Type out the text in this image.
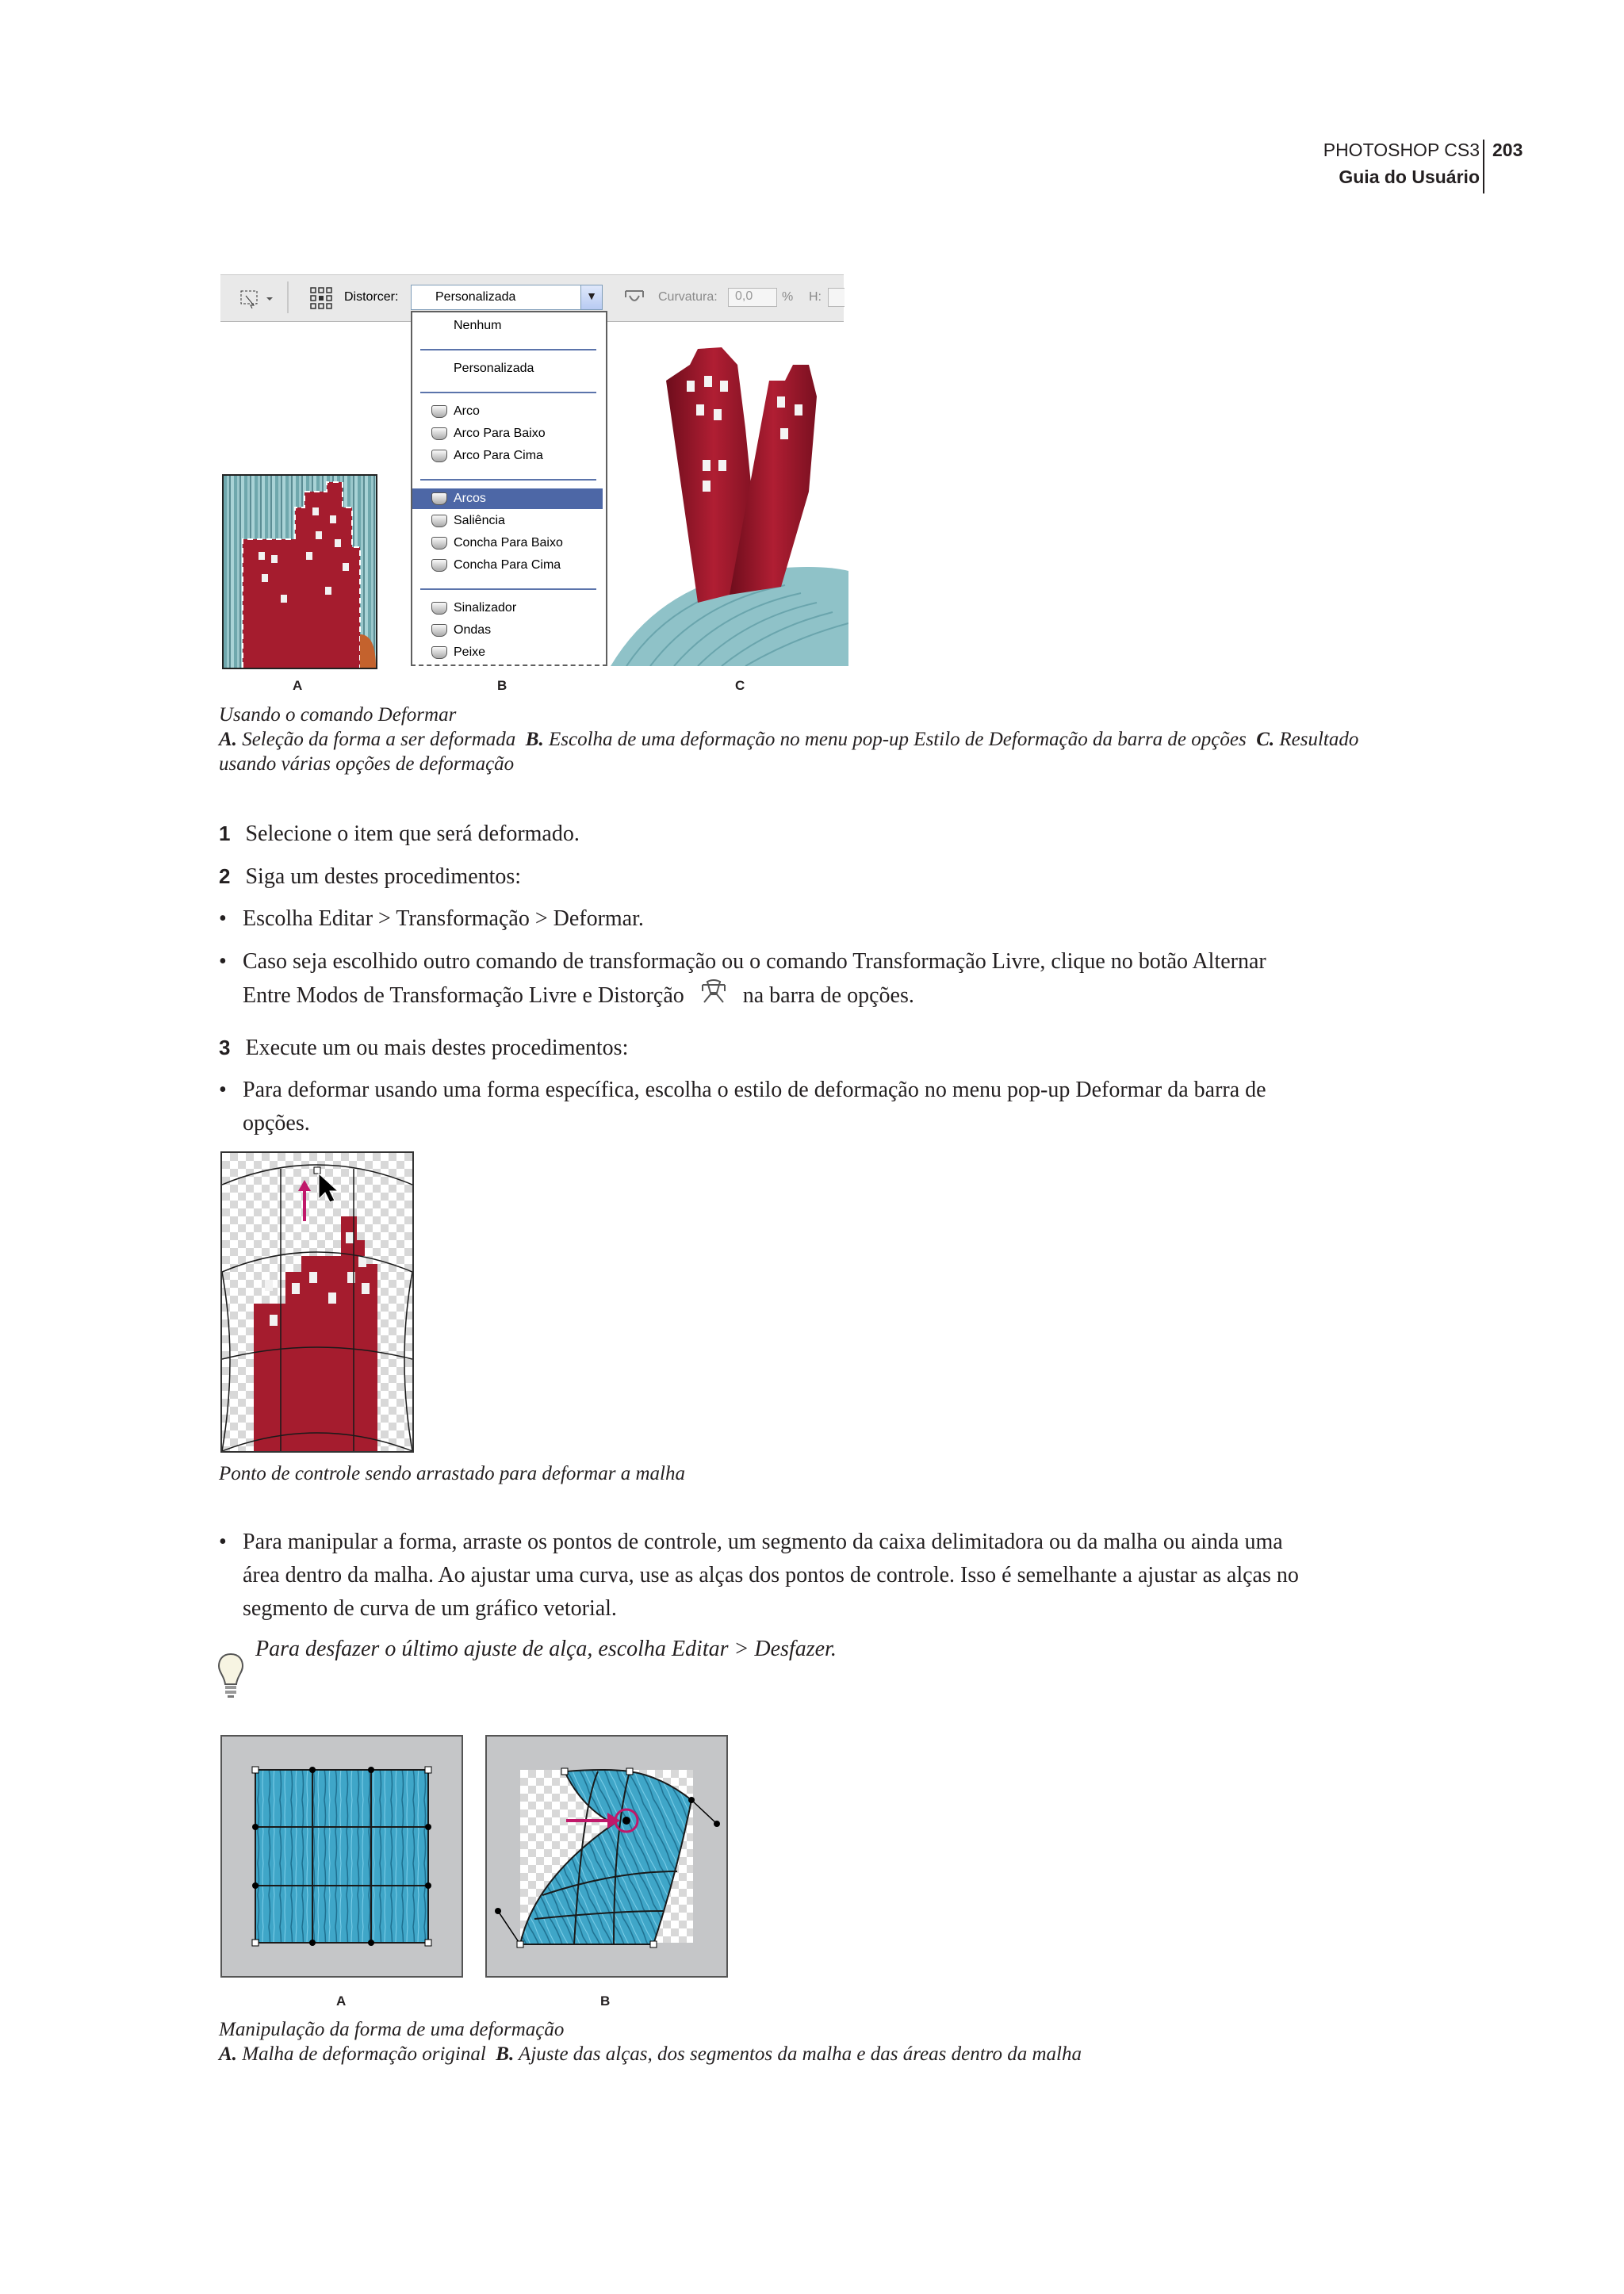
PHOTOSHOP CS3
Guia do Usuário
203
Distorcer:	Personalizada	▼	Curvatura: 0,0 % H:
Nenhum
Personalizada
Arco
Arco Para Baixo
Arco Para Cima
Arcos
Saliência
Concha Para Baixo
Concha Para Cima
Sinalizador
Ondas
Peixe
A	B	C
Usando o comando Deformar
A. Seleção da forma a ser deformada B. Escolha de uma deformação no menu pop-up Estilo de Deformação da barra de opções C. Resultado
usando várias opções de deformação
1 Selecione o item que será deformado.
2 Siga um destes procedimentos:
• Escolha Editar > Transformação > Deformar.
• Caso seja escolhido outro comando de transformação ou o comando Transformação Livre, clique no botão Alternar
Entre Modos de Transformação Livre e Distorção	na barra de opções.
3 Execute um ou mais destes procedimentos:
• Para deformar usando uma forma específica, escolha o estilo de deformação no menu pop-up Deformar da barra de
opções.
Ponto de controle sendo arrastado para deformar a malha
• Para manipular a forma, arraste os pontos de controle, um segmento da caixa delimitadora ou da malha ou ainda uma
área dentro da malha. Ao ajustar uma curva, use as alças dos pontos de controle. Isso é semelhante a ajustar as alças no
segmento de curva de um gráfico vetorial.
Para desfazer o último ajuste de alça, escolha Editar > Desfazer.
A	B
Manipulação da forma de uma deformação
A. Malha de deformação original B. Ajuste das alças, dos segmentos da malha e das áreas dentro da malha
